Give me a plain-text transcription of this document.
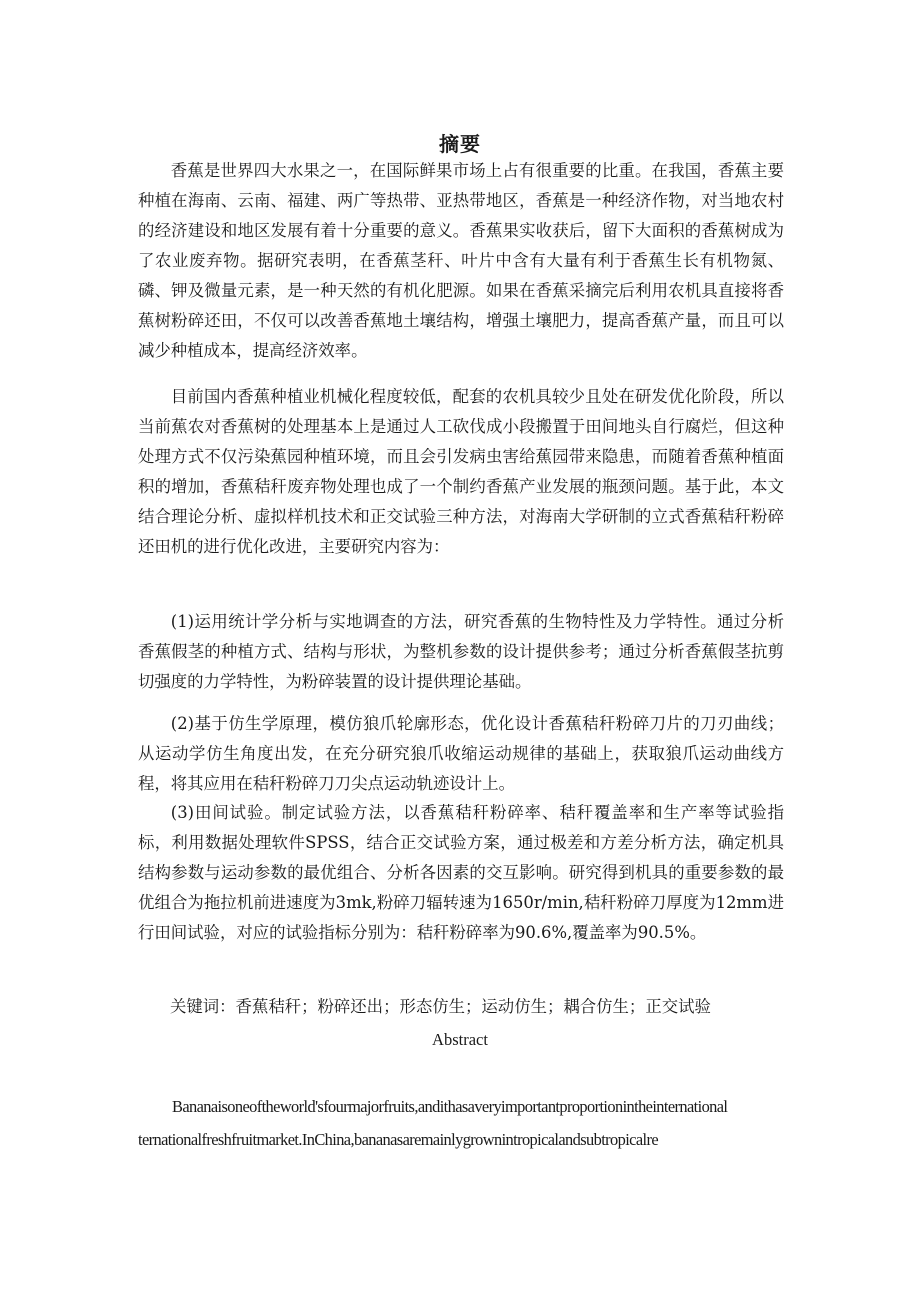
摘要

香蕉是世界四大水果之一，在国际鲜果市场上占有很重要的比重。在我国，香蕉主要种植在海南、云南、福建、两广等热带、亚热带地区，香蕉是一种经济作物，对当地农村的经济建设和地区发展有着十分重要的意义。香蕉果实收获后，留下大面积的香蕉树成为了农业废弃物。据研究表明，在香蕉茎秆、叶片中含有大量有利于香蕉生长有机物氮、磷、钾及微量元素，是一种天然的有机化肥源。如果在香蕉采摘完后利用农机具直接将香蕉树粉碎还田，不仅可以改善香蕉地土壤结构，增强土壤肥力，提高香蕉产量，而且可以减少种植成本，提高经济效率。

目前国内香蕉种植业机械化程度较低，配套的农机具较少且处在研发优化阶段，所以当前蕉农对香蕉树的处理基本上是通过人工砍伐成小段搬置于田间地头自行腐烂，但这种处理方式不仅污染蕉园种植环境，而且会引发病虫害给蕉园带来隐患，而随着香蕉种植面积的增加，香蕉秸秆废弃物处理也成了一个制约香蕉产业发展的瓶颈问题。基于此，本文结合理论分析、虚拟样机技术和正交试验三种方法，对海南大学研制的立式香蕉秸秆粉碎还田机的进行优化改进，主要研究内容为：

(1)运用统计学分析与实地调查的方法，研究香蕉的生物特性及力学特性。通过分析香蕉假茎的种植方式、结构与形状，为整机参数的设计提供参考；通过分析香蕉假茎抗剪切强度的力学特性，为粉碎装置的设计提供理论基础。

(2)基于仿生学原理，模仿狼爪轮廓形态，优化设计香蕉秸秆粉碎刀片的刀刃曲线；从运动学仿生角度出发，在充分研究狼爪收缩运动规律的基础上，获取狼爪运动曲线方程，将其应用在秸秆粉碎刀刀尖点运动轨迹设计上。

(3)田间试验。制定试验方法，以香蕉秸秆粉碎率、秸秆覆盖率和生产率等试验指标，利用数据处理软件SPSS，结合正交试验方案，通过极差和方差分析方法，确定机具结构参数与运动参数的最优组合、分析各因素的交互影响。研究得到机具的重要参数的最优组合为拖拉机前进速度为3mk,粉碎刀辐转速为1650r/min,秸秆粉碎刀厚度为12mm进行田间试验，对应的试验指标分别为：秸秆粉碎率为90.6%,覆盖率为90.5%。

关键词：香蕉秸秆；粉碎还出；形态仿生；运动仿生；耦合仿生；正交试验

Abstract
Bananaisoneoftheworld'sfourmajorfruits,andithasaveryimportantproportionintheinternational
ternationalfreshfruitmarket.InChina,bananasaremainlygrownintropicalandsubtropicalre
